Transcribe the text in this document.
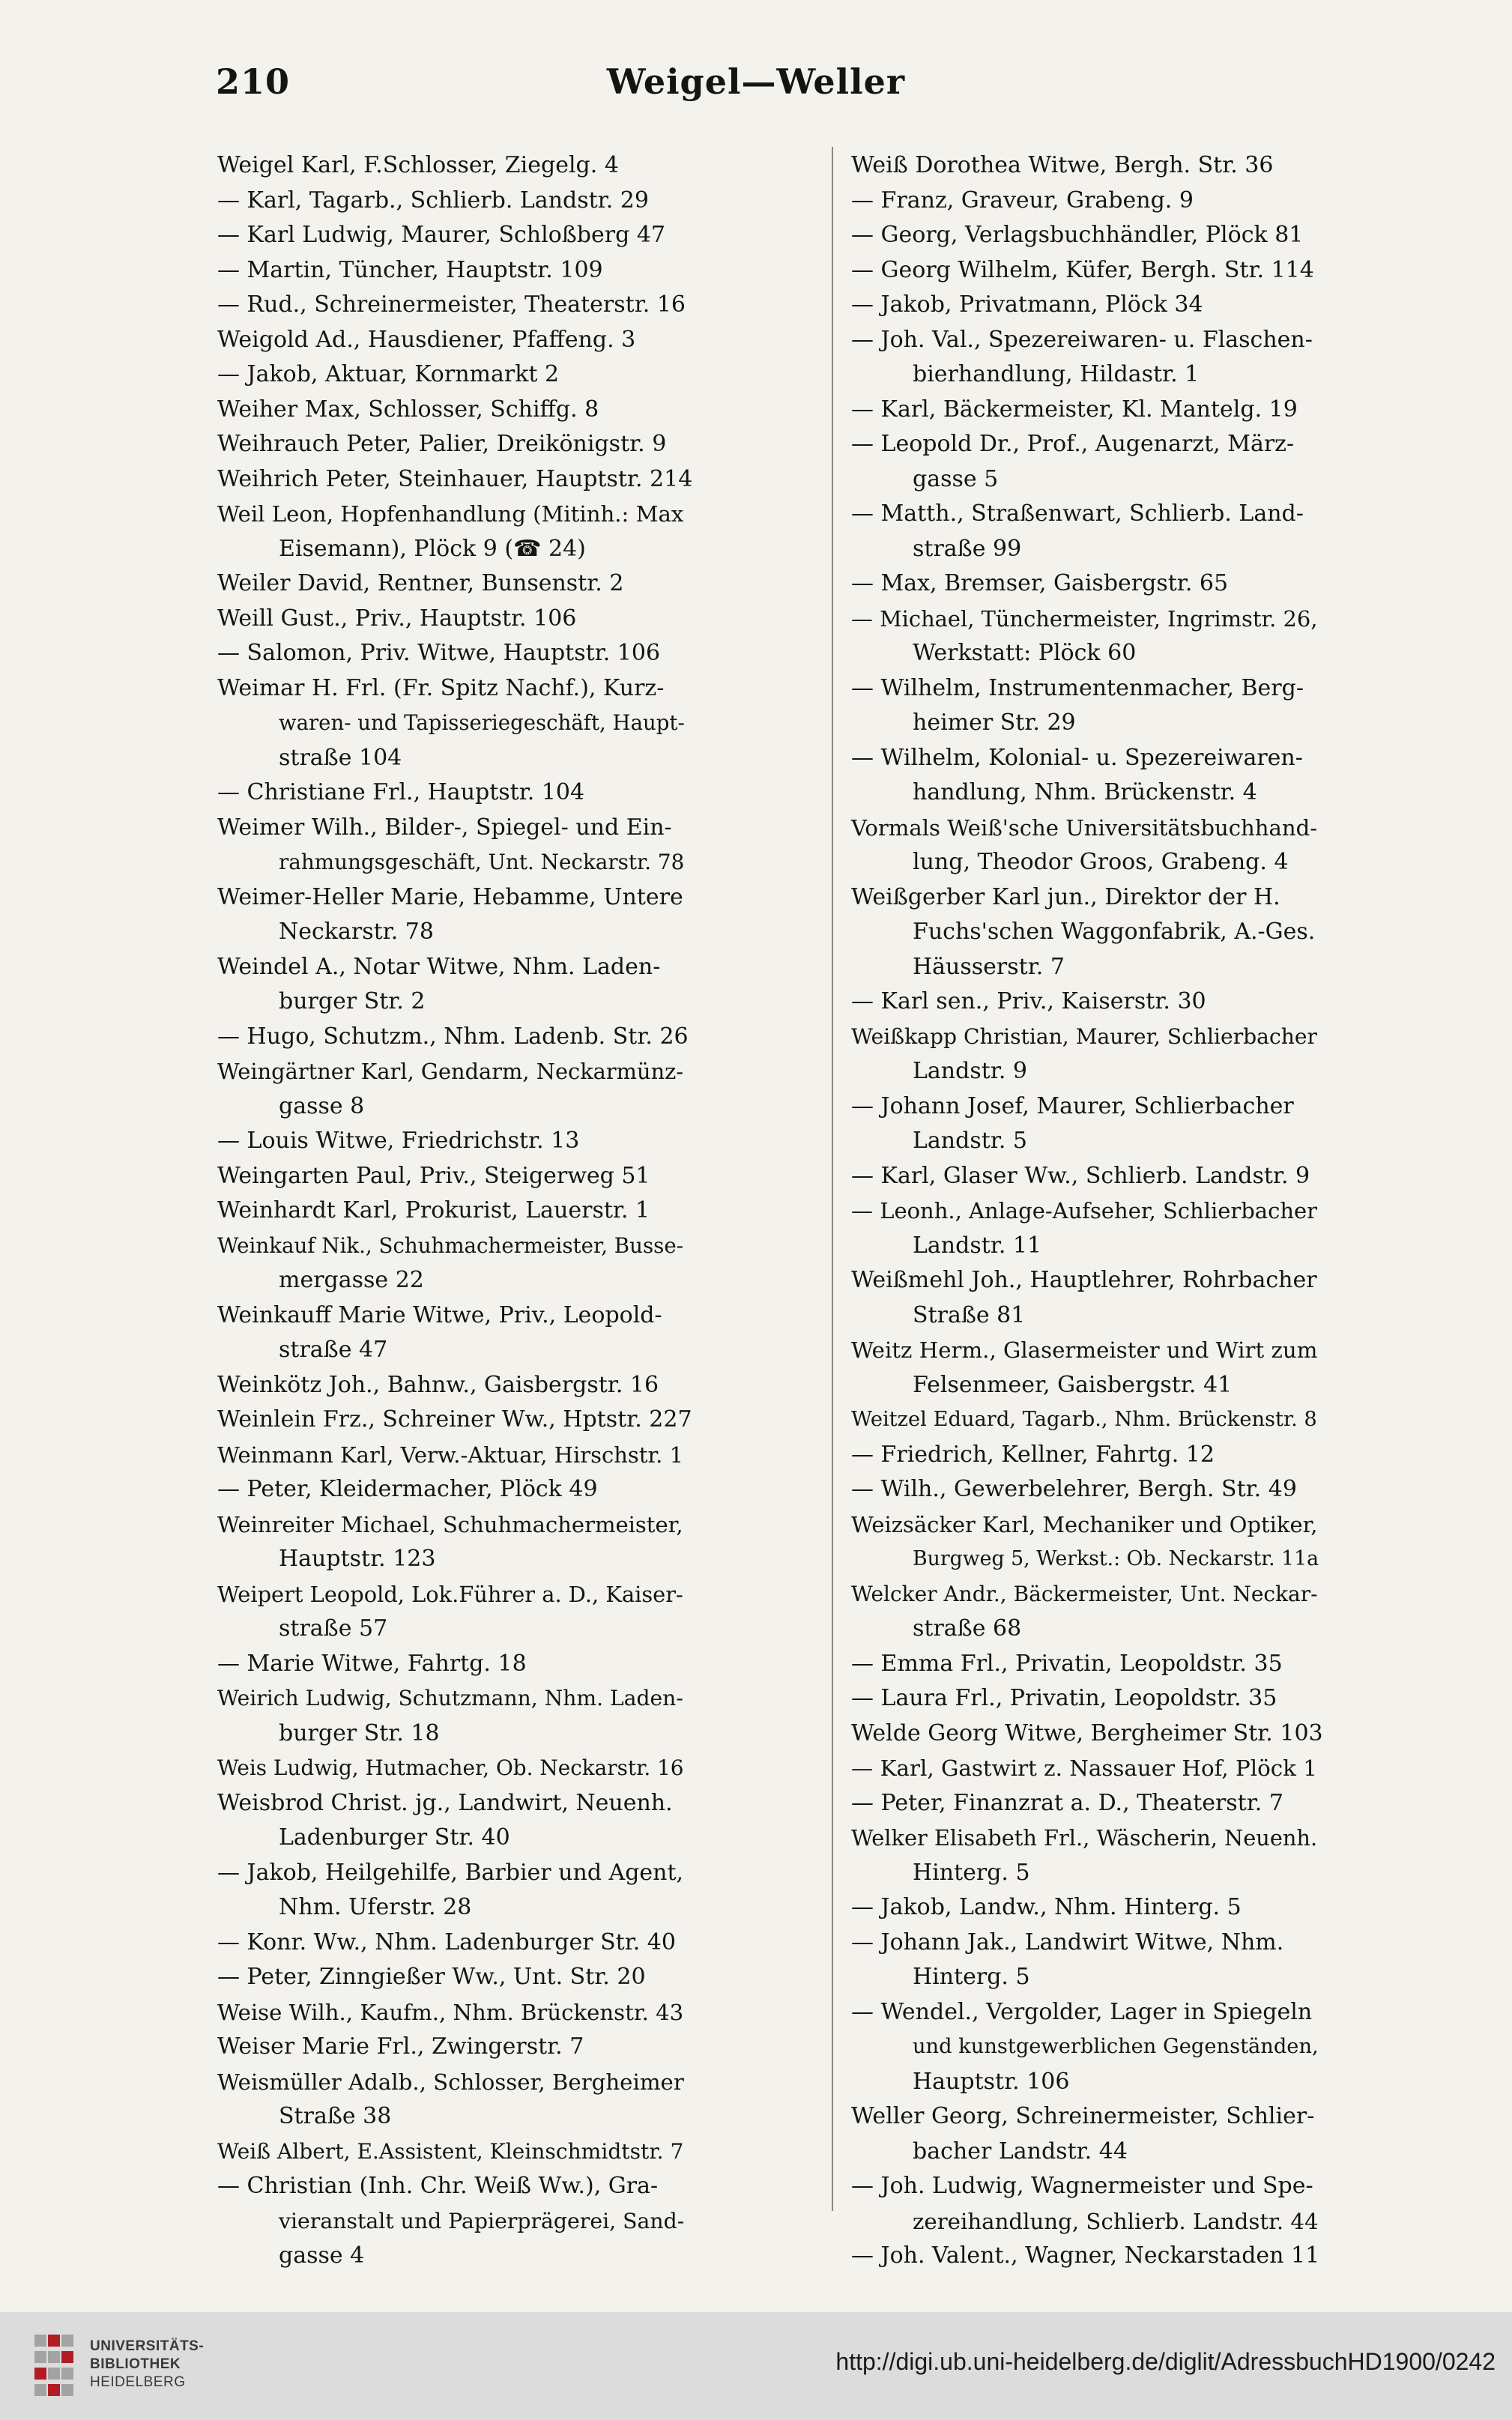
210	Weigel—Weller
Weigel Karl, F.Schlosser, Ziegelg. 4
— Karl, Tagarb., Schlierb. Landstr. 29
— Karl Ludwig, Maurer, Schloßberg 47
— Martin, Tüncher, Hauptstr. 109
— Rud., Schreinermeister, Theaterstr. 16
Weigold Ad., Hausdiener, Pfaffeng. 3
— Jakob, Aktuar, Kornmarkt 2
Weiher Max, Schlosser, Schiffg. 8
Weihrauch Peter, Palier, Dreikönigstr. 9
Weihrich Peter, Steinhauer, Hauptstr. 214
Weil Leon, Hopfenhandlung (Mitinh.: Max
Eisemann), Plöck 9 (☎ 24)
Weiler David, Rentner, Bunsenstr. 2
Weill Gust., Priv., Hauptstr. 106
— Salomon, Priv. Witwe, Hauptstr. 106
Weimar H. Frl. (Fr. Spitz Nachf.), Kurz-
waren- und Tapisseriegeschäft, Haupt-
straße 104
— Christiane Frl., Hauptstr. 104
Weimer Wilh., Bilder-, Spiegel- und Ein-
rahmungsgeschäft, Unt. Neckarstr. 78
Weimer-Heller Marie, Hebamme, Untere
Neckarstr. 78
Weindel A., Notar Witwe, Nhm. Laden-
burger Str. 2
— Hugo, Schutzm., Nhm. Ladenb. Str. 26
Weingärtner Karl, Gendarm, Neckarmünz-
gasse 8
— Louis Witwe, Friedrichstr. 13
Weingarten Paul, Priv., Steigerweg 51
Weinhardt Karl, Prokurist, Lauerstr. 1
Weinkauf Nik., Schuhmachermeister, Busse-
mergasse 22
Weinkauff Marie Witwe, Priv., Leopold-
straße 47
Weinkötz Joh., Bahnw., Gaisbergstr. 16
Weinlein Frz., Schreiner Ww., Hptstr. 227
Weinmann Karl, Verw.-Aktuar, Hirschstr. 1
— Peter, Kleidermacher, Plöck 49
Weinreiter Michael, Schuhmachermeister,
Hauptstr. 123
Weipert Leopold, Lok.Führer a. D., Kaiser-
straße 57
— Marie Witwe, Fahrtg. 18
Weirich Ludwig, Schutzmann, Nhm. Laden-
burger Str. 18
Weis Ludwig, Hutmacher, Ob. Neckarstr. 16
Weisbrod Christ. jg., Landwirt, Neuenh.
Ladenburger Str. 40
— Jakob, Heilgehilfe, Barbier und Agent,
Nhm. Uferstr. 28
— Konr. Ww., Nhm. Ladenburger Str. 40
— Peter, Zinngießer Ww., Unt. Str. 20
Weise Wilh., Kaufm., Nhm. Brückenstr. 43
Weiser Marie Frl., Zwingerstr. 7
Weismüller Adalb., Schlosser, Bergheimer
Straße 38
Weiß Albert, E.Assistent, Kleinschmidtstr. 7
— Christian (Inh. Chr. Weiß Ww.), Gra-
vieranstalt und Papierprägerei, Sand-
gasse 4
Weiß Dorothea Witwe, Bergh. Str. 36
— Franz, Graveur, Grabeng. 9
— Georg, Verlagsbuchhändler, Plöck 81
— Georg Wilhelm, Küfer, Bergh. Str. 114
— Jakob, Privatmann, Plöck 34
— Joh. Val., Spezereiwaren- u. Flaschen-
bierhandlung, Hildastr. 1
— Karl, Bäckermeister, Kl. Mantelg. 19
— Leopold Dr., Prof., Augenarzt, März-
gasse 5
— Matth., Straßenwart, Schlierb. Land-
straße 99
— Max, Bremser, Gaisbergstr. 65
— Michael, Tünchermeister, Ingrimstr. 26,
Werkstatt: Plöck 60
— Wilhelm, Instrumentenmacher, Berg-
heimer Str. 29
— Wilhelm, Kolonial- u. Spezereiwaren-
handlung, Nhm. Brückenstr. 4
Vormals Weiß'sche Universitätsbuchhand-
lung, Theodor Groos, Grabeng. 4
Weißgerber Karl jun., Direktor der H.
Fuchs'schen Waggonfabrik, A.-Ges.
Häusserstr. 7
— Karl sen., Priv., Kaiserstr. 30
Weißkapp Christian, Maurer, Schlierbacher
Landstr. 9
— Johann Josef, Maurer, Schlierbacher
Landstr. 5
— Karl, Glaser Ww., Schlierb. Landstr. 9
— Leonh., Anlage-Aufseher, Schlierbacher
Landstr. 11
Weißmehl Joh., Hauptlehrer, Rohrbacher
Straße 81
Weitz Herm., Glasermeister und Wirt zum
Felsenmeer, Gaisbergstr. 41
Weitzel Eduard, Tagarb., Nhm. Brückenstr. 8
— Friedrich, Kellner, Fahrtg. 12
— Wilh., Gewerbelehrer, Bergh. Str. 49
Weizsäcker Karl, Mechaniker und Optiker,
Burgweg 5, Werkst.: Ob. Neckarstr. 11a
Welcker Andr., Bäckermeister, Unt. Neckar-
straße 68
— Emma Frl., Privatin, Leopoldstr. 35
— Laura Frl., Privatin, Leopoldstr. 35
Welde Georg Witwe, Bergheimer Str. 103
— Karl, Gastwirt z. Nassauer Hof, Plöck 1
— Peter, Finanzrat a. D., Theaterstr. 7
Welker Elisabeth Frl., Wäscherin, Neuenh.
Hinterg. 5
— Jakob, Landw., Nhm. Hinterg. 5
— Johann Jak., Landwirt Witwe, Nhm.
Hinterg. 5
— Wendel., Vergolder, Lager in Spiegeln
und kunstgewerblichen Gegenständen,
Hauptstr. 106
Weller Georg, Schreinermeister, Schlier-
bacher Landstr. 44
— Joh. Ludwig, Wagnermeister und Spe-
zereihandlung, Schlierb. Landstr. 44
— Joh. Valent., Wagner, Neckarstaden 11
UNIVERSITÄTS-
BIBLIOTHEK
HEIDELBERG
http://digi.ub.uni-heidelberg.de/diglit/AdressbuchHD1900/0242
